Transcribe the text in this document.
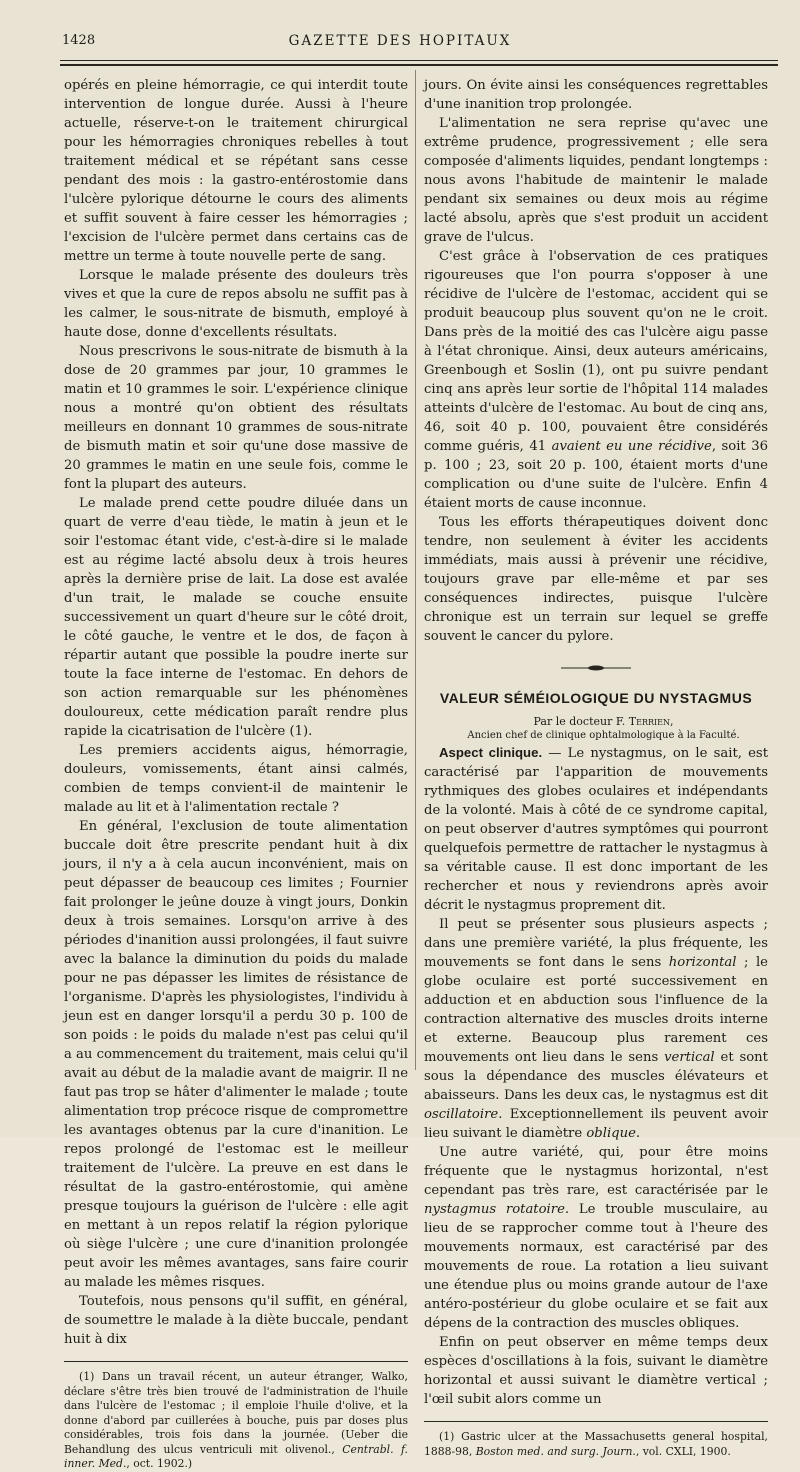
1428	GAZETTE DES HOPITAUX

opérés en pleine hémorragie, ce qui interdit toute intervention de longue durée. Aussi à l'heure actuelle, réserve-t-on le traitement chirurgical pour les hémorragies chroniques rebelles à tout traitement médical et se répétant sans cesse pendant des mois : la gastro-entérostomie dans l'ulcère pylorique détourne le cours des aliments et suffit souvent à faire cesser les hémorragies ; l'excision de l'ulcère permet dans certains cas de mettre un terme à toute nouvelle perte de sang.

Lorsque le malade présente des douleurs très vives et que la cure de repos absolu ne suffit pas à les calmer, le sous-nitrate de bismuth, employé à haute dose, donne d'excellents résultats.

Nous prescrivons le sous-nitrate de bismuth à la dose de 20 grammes par jour, 10 grammes le matin et 10 grammes le soir. L'expérience clinique nous a montré qu'on obtient des résultats meilleurs en donnant 10 grammes de sous-nitrate de bismuth matin et soir qu'une dose massive de 20 grammes le matin en une seule fois, comme le font la plupart des auteurs.

Le malade prend cette poudre diluée dans un quart de verre d'eau tiède, le matin à jeun et le soir l'estomac étant vide, c'est-à-dire si le malade est au régime lacté absolu deux à trois heures après la dernière prise de lait. La dose est avalée d'un trait, le malade se couche ensuite successivement un quart d'heure sur le côté droit, le côté gauche, le ventre et le dos, de façon à répartir autant que possible la poudre inerte sur toute la face interne de l'estomac. En dehors de son action remarquable sur les phénomènes douloureux, cette médication paraît rendre plus rapide la cicatrisation de l'ulcère (1).

Les premiers accidents aigus, hémorragie, douleurs, vomissements, étant ainsi calmés, combien de temps convient-il de maintenir le malade au lit et à l'alimentation rectale ?

En général, l'exclusion de toute alimentation buccale doit être prescrite pendant huit à dix jours, il n'y a à cela aucun inconvénient, mais on peut dépasser de beaucoup ces limites ; Fournier fait prolonger le jeûne douze à vingt jours, Donkin deux à trois semaines. Lorsqu'on arrive à des périodes d'inanition aussi prolongées, il faut suivre avec la balance la diminution du poids du malade pour ne pas dépasser les limites de résistance de l'organisme. D'après les physiologistes, l'individu à jeun est en danger lorsqu'il a perdu 30 p. 100 de son poids : le poids du malade n'est pas celui qu'il a au commencement du traitement, mais celui qu'il avait au début de la maladie avant de maigrir. Il ne faut pas trop se hâter d'alimenter le malade ; toute alimentation trop précoce risque de compromettre les avantages obtenus par la cure d'inanition. Le repos prolongé de l'estomac est le meilleur traitement de l'ulcère. La preuve en est dans le résultat de la gastro-entérostomie, qui amène presque toujours la guérison de l'ulcère : elle agit en mettant à un repos relatif la région pylorique où siège l'ulcère ; une cure d'inanition prolongée peut avoir les mêmes avantages, sans faire courir au malade les mêmes risques.

Toutefois, nous pensons qu'il suffit, en général, de soumettre le malade à la diète buccale, pendant huit à dix

(1) Dans un travail récent, un auteur étranger, Walko, déclare s'être très bien trouvé de l'administration de l'huile dans l'ulcère de l'estomac ; il emploie l'huile d'olive, et la donne d'abord par cuillerées à bouche, puis par doses plus considérables, trois fois dans la journée. (Ueber die Behandlung des ulcus ventriculi mit olivenol., Centrabl. f. inner. Med., oct. 1902.)

jours. On évite ainsi les conséquences regrettables d'une inanition trop prolongée.

L'alimentation ne sera reprise qu'avec une extrême prudence, progressivement ; elle sera composée d'aliments liquides, pendant longtemps : nous avons l'habitude de maintenir le malade pendant six semaines ou deux mois au régime lacté absolu, après que s'est produit un accident grave de l'ulcus.

C'est grâce à l'observation de ces pratiques rigoureuses que l'on pourra s'opposer à une récidive de l'ulcère de l'estomac, accident qui se produit beaucoup plus souvent qu'on ne le croit. Dans près de la moitié des cas l'ulcère aigu passe à l'état chronique. Ainsi, deux auteurs américains, Greenbough et Soslin (1), ont pu suivre pendant cinq ans après leur sortie de l'hôpital 114 malades atteints d'ulcère de l'estomac. Au bout de cinq ans, 46, soit 40 p. 100, pouvaient être considérés comme guéris, 41 avaient eu une récidive, soit 36 p. 100 ; 23, soit 20 p. 100, étaient morts d'une complication ou d'une suite de l'ulcère. Enfin 4 étaient morts de cause inconnue.

Tous les efforts thérapeutiques doivent donc tendre, non seulement à éviter les accidents immédiats, mais aussi à prévenir une récidive, toujours grave par elle-même et par ses conséquences indirectes, puisque l'ulcère chronique est un terrain sur lequel se greffe souvent le cancer du pylore.

VALEUR SÉMÉIOLOGIQUE DU NYSTAGMUS

Par le docteur F. Terrien,

Ancien chef de clinique ophtalmologique à la Faculté.

Aspect clinique. — Le nystagmus, on le sait, est caractérisé par l'apparition de mouvements rythmiques des globes oculaires et indépendants de la volonté. Mais à côté de ce syndrome capital, on peut observer d'autres symptômes qui pourront quelquefois permettre de rattacher le nystagmus à sa véritable cause. Il est donc important de les rechercher et nous y reviendrons après avoir décrit le nystagmus proprement dit.

Il peut se présenter sous plusieurs aspects ; dans une première variété, la plus fréquente, les mouvements se font dans le sens horizontal ; le globe oculaire est porté successivement en adduction et en abduction sous l'influence de la contraction alternative des muscles droits interne et externe. Beaucoup plus rarement ces mouvements ont lieu dans le sens vertical et sont sous la dépendance des muscles élévateurs et abaisseurs. Dans les deux cas, le nystagmus est dit oscillatoire. Exceptionnellement ils peuvent avoir lieu suivant le diamètre oblique.

Une autre variété, qui, pour être moins fréquente que le nystagmus horizontal, n'est cependant pas très rare, est caractérisée par le nystagmus rotatoire. Le trouble musculaire, au lieu de se rapprocher comme tout à l'heure des mouvements normaux, est caractérisé par des mouvements de roue. La rotation a lieu suivant une étendue plus ou moins grande autour de l'axe antéro-postérieur du globe oculaire et se fait aux dépens de la contraction des muscles obliques.

Enfin on peut observer en même temps deux espèces d'oscillations à la fois, suivant le diamètre horizontal et aussi suivant le diamètre vertical ; l'œil subit alors comme un

(1) Gastric ulcer at the Massachusetts general hospital, 1888-98, Boston med. and surg. Journ., vol. CXLI, 1900.
